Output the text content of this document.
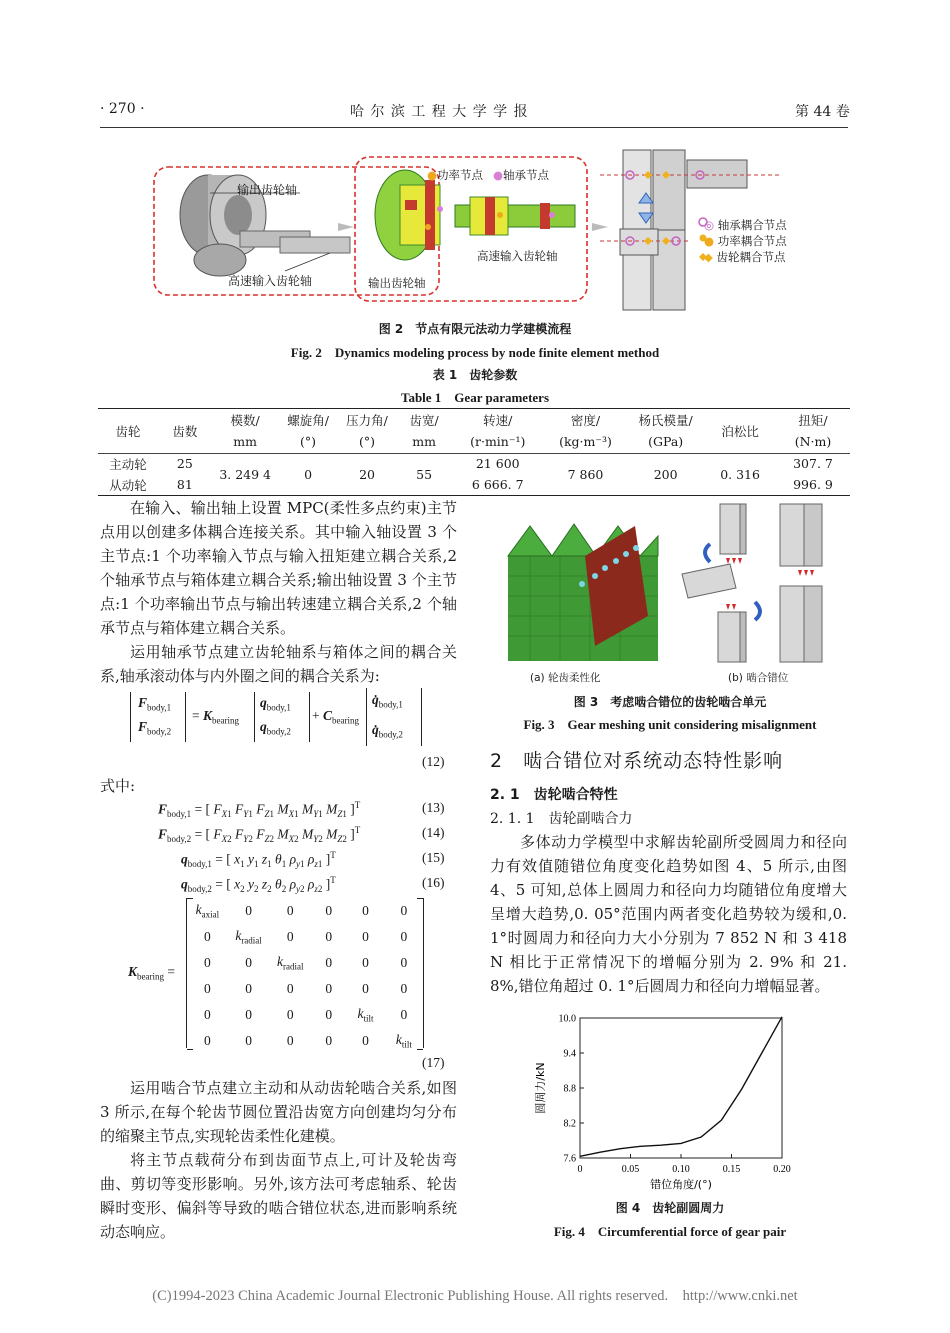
· 270 ·	哈 尔 滨 工 程 大 学 学 报	第 44 卷
输出齿轮轴
高速输入齿轮轴
●功率节点 ●轴承节点
高速输入齿轮轴
输出齿轮轴
◎ 轴承耦合节点
● 功率耦合节点
◆ 齿轮耦合节点
图 2　节点有限元法动力学建模流程
Fig. 2　Dynamics modeling process by node finite element method
表 1　齿轮参数
Table 1　Gear parameters
齿轮	齿数	模数/	螺旋角/	压力角/	齿宽/	转速/	密度/	杨氏模量/	泊松比	扭矩/
		mm	(°)	(°)	mm	(r·min⁻¹)	(kg·m⁻³)	(GPa)		(N·m)
主动轮	25	3. 249 4	0	20	55	21 600	7 860	200	0. 316	307. 7
从动轮	81					6 666. 7				996. 9

在输入、输出轴上设置 MPC(柔性多点约束)主节点用以创建多体耦合连接关系。其中输入轴设置 3 个主节点:1 个功率输入节点与输入扭矩建立耦合关系,2 个轴承节点与箱体建立耦合关系;输出轴设置 3 个主节点:1 个功率输出节点与输出转速建立耦合关系,2 个轴承节点与箱体建立耦合关系。

运用轴承节点建立齿轮轴系与箱体之间的耦合关系,轴承滚动体与内外圈之间的耦合关系为:

$F_{body,1}$
$F_{body,2}$
= $K_{bearing}$
$q_{body,1}$
$q_{body,2}$
+ $C_{bearing}$
$q̇_{body,1}$
$q̇_{body,2}$
(12)
式中:
$F_{body,1}$ = [ $F_{X1}$ $F_{Y1}$ $F_{Z1}$ $M_{X1}$ $M_{Y1}$ $M_{Z1}$ ]$^T$	(13)
$F_{body,2}$ = [ $F_{X2}$ $F_{Y2}$ $F_{Z2}$ $M_{X2}$ $M_{Y2}$ $M_{Z2}$ ]$^T$	(14)
$q_{body,1}$ = [ $x_1$ $y_1$ $z_1$ $\theta_1$ $\rho_{y1}$ $\rho_{z1}$ ]$^T$	(15)
$q_{body,2}$ = [ $x_2$ $y_2$ $z_2$ $\theta_2$ $\rho_{y2}$ $\rho_{z2}$ ]$^T$	(16)
$K_{bearing}$ =
$k_{axial}$	0	0	0	0	0
0	$k_{radial}$	0	0	0	0
0	0	$k_{radial}$	0	0	0
0	0	0	0	0	0
0	0	0	0	$k_{tilt}$	0
0	0	0	0	0	$k_{tilt}$
(17)

运用啮合节点建立主动和从动齿轮啮合关系,如图 3 所示,在每个轮齿节圆位置沿齿宽方向创建均匀分布的缩聚主节点,实现轮齿柔性化建模。

将主节点载荷分布到齿面节点上,可计及轮齿弯曲、剪切等变形影响。另外,该方法可考虑轴系、轮齿瞬时变形、偏斜等导致的啮合错位状态,进而影响系统动态响应。

(a) 轮齿柔性化	(b) 啮合错位
图 3　考虑啮合错位的齿轮啮合单元
Fig. 3　Gear meshing unit considering misalignment
2　啮合错位对系统动态特性影响
2. 1　齿轮啮合特性
2. 1. 1　齿轮副啮合力

多体动力学模型中求解齿轮副所受圆周力和径向力有效值随错位角度变化趋势如图 4、5 所示,由图 4、5 可知,总体上圆周力和径向力均随错位角度增大呈增大趋势,0. 05°范围内两者变化趋势较为缓和,0. 1°时圆周力和径向力大小分别为 7 852 N 和 3 418 N 相比于正常情况下的增幅分别为 2. 9% 和 21. 8%,错位角超过 0. 1°后圆周力和径向力增幅显著。

0	0.05	0.10	0.15	0.20
7.6
8.2
8.8
9.4
10.0
错位角度/(°)
圆周力/kN
图 4　齿轮副圆周力
Fig. 4　Circumferential force of gear pair
(C)1994-2023 China Academic Journal Electronic Publishing House. All rights reserved. http://www.cnki.net
